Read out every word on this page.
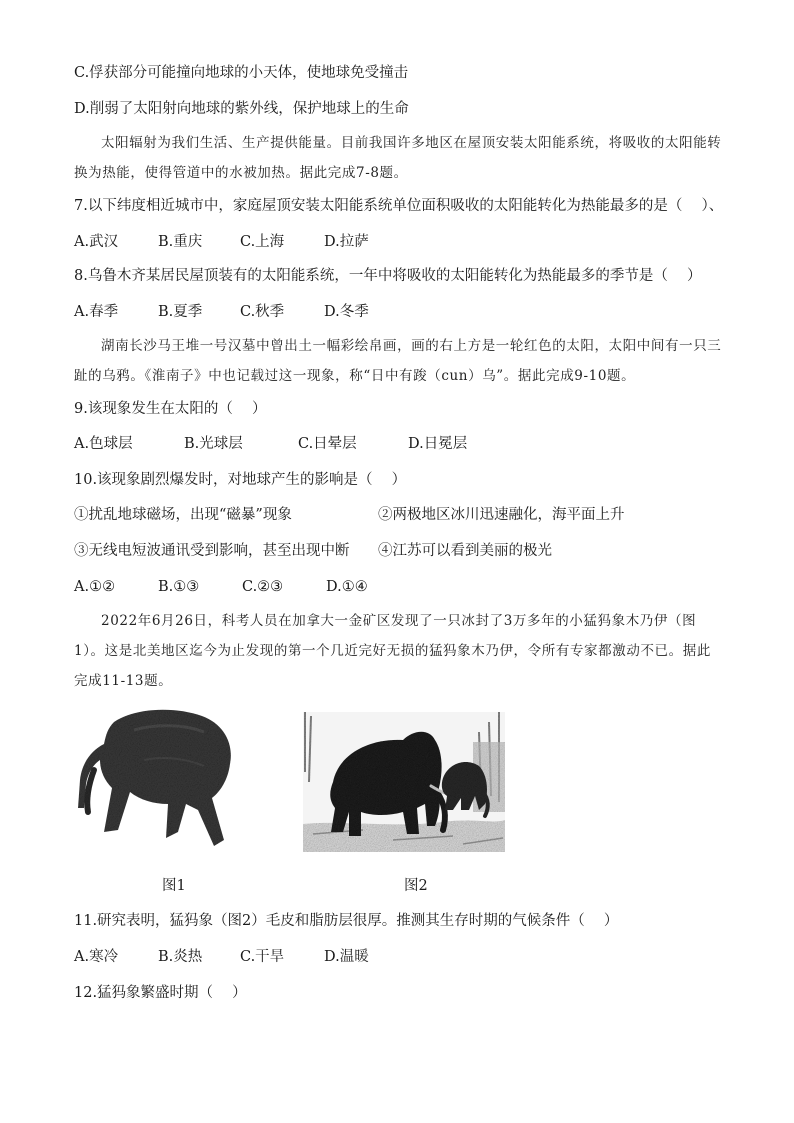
C.俘获部分可能撞向地球的小天体，使地球免受撞击
D.削弱了太阳射向地球的紫外线，保护地球上的生命
太阳辐射为我们生活、生产提供能量。目前我国许多地区在屋顶安装太阳能系统，将吸收的太阳能转换为热能，使得管道中的水被加热。据此完成7-8题。
7.以下纬度相近城市中，家庭屋顶安装太阳能系统单位面积吸收的太阳能转化为热能最多的是（　 ）、
A.武汉	B.重庆	C.上海	D.拉萨
8.乌鲁木齐某居民屋顶装有的太阳能系统，一年中将吸收的太阳能转化为热能最多的季节是（　 ）
A.春季	B.夏季	C.秋季	D.冬季
湖南长沙马王堆一号汉墓中曾出土一幅彩绘帛画，画的右上方是一轮红色的太阳，太阳中间有一只三趾的乌鸦。《淮南子》中也记载过这一现象，称“日中有踆（cun）乌”。据此完成9-10题。
9.该现象发生在太阳的（　 ）
A.色球层	B.光球层	C.日晕层	D.日冕层
10.该现象剧烈爆发时，对地球产生的影响是（　 ）
①扰乱地球磁场，出现“磁暴”现象	②两极地区冰川迅速融化，海平面上升
③无线电短波通讯受到影响，甚至出现中断 ④江苏可以看到美丽的极光
A.①②	B.①③	C.②③	D.①④
2022年6月26日，科考人员在加拿大一金矿区发现了一只冰封了3万多年的小猛犸象木乃伊（图1）。这是北美地区迄今为止发现的第一个几近完好无损的猛犸象木乃伊，令所有专家都激动不已。据此完成11-13题。
图1	图2
11.研究表明，猛犸象（图2）毛皮和脂肪层很厚。推测其生存时期的气候条件（　 ）
A.寒冷	B.炎热	C.干旱	D.温暖
12.猛犸象繁盛时期（　 ）
